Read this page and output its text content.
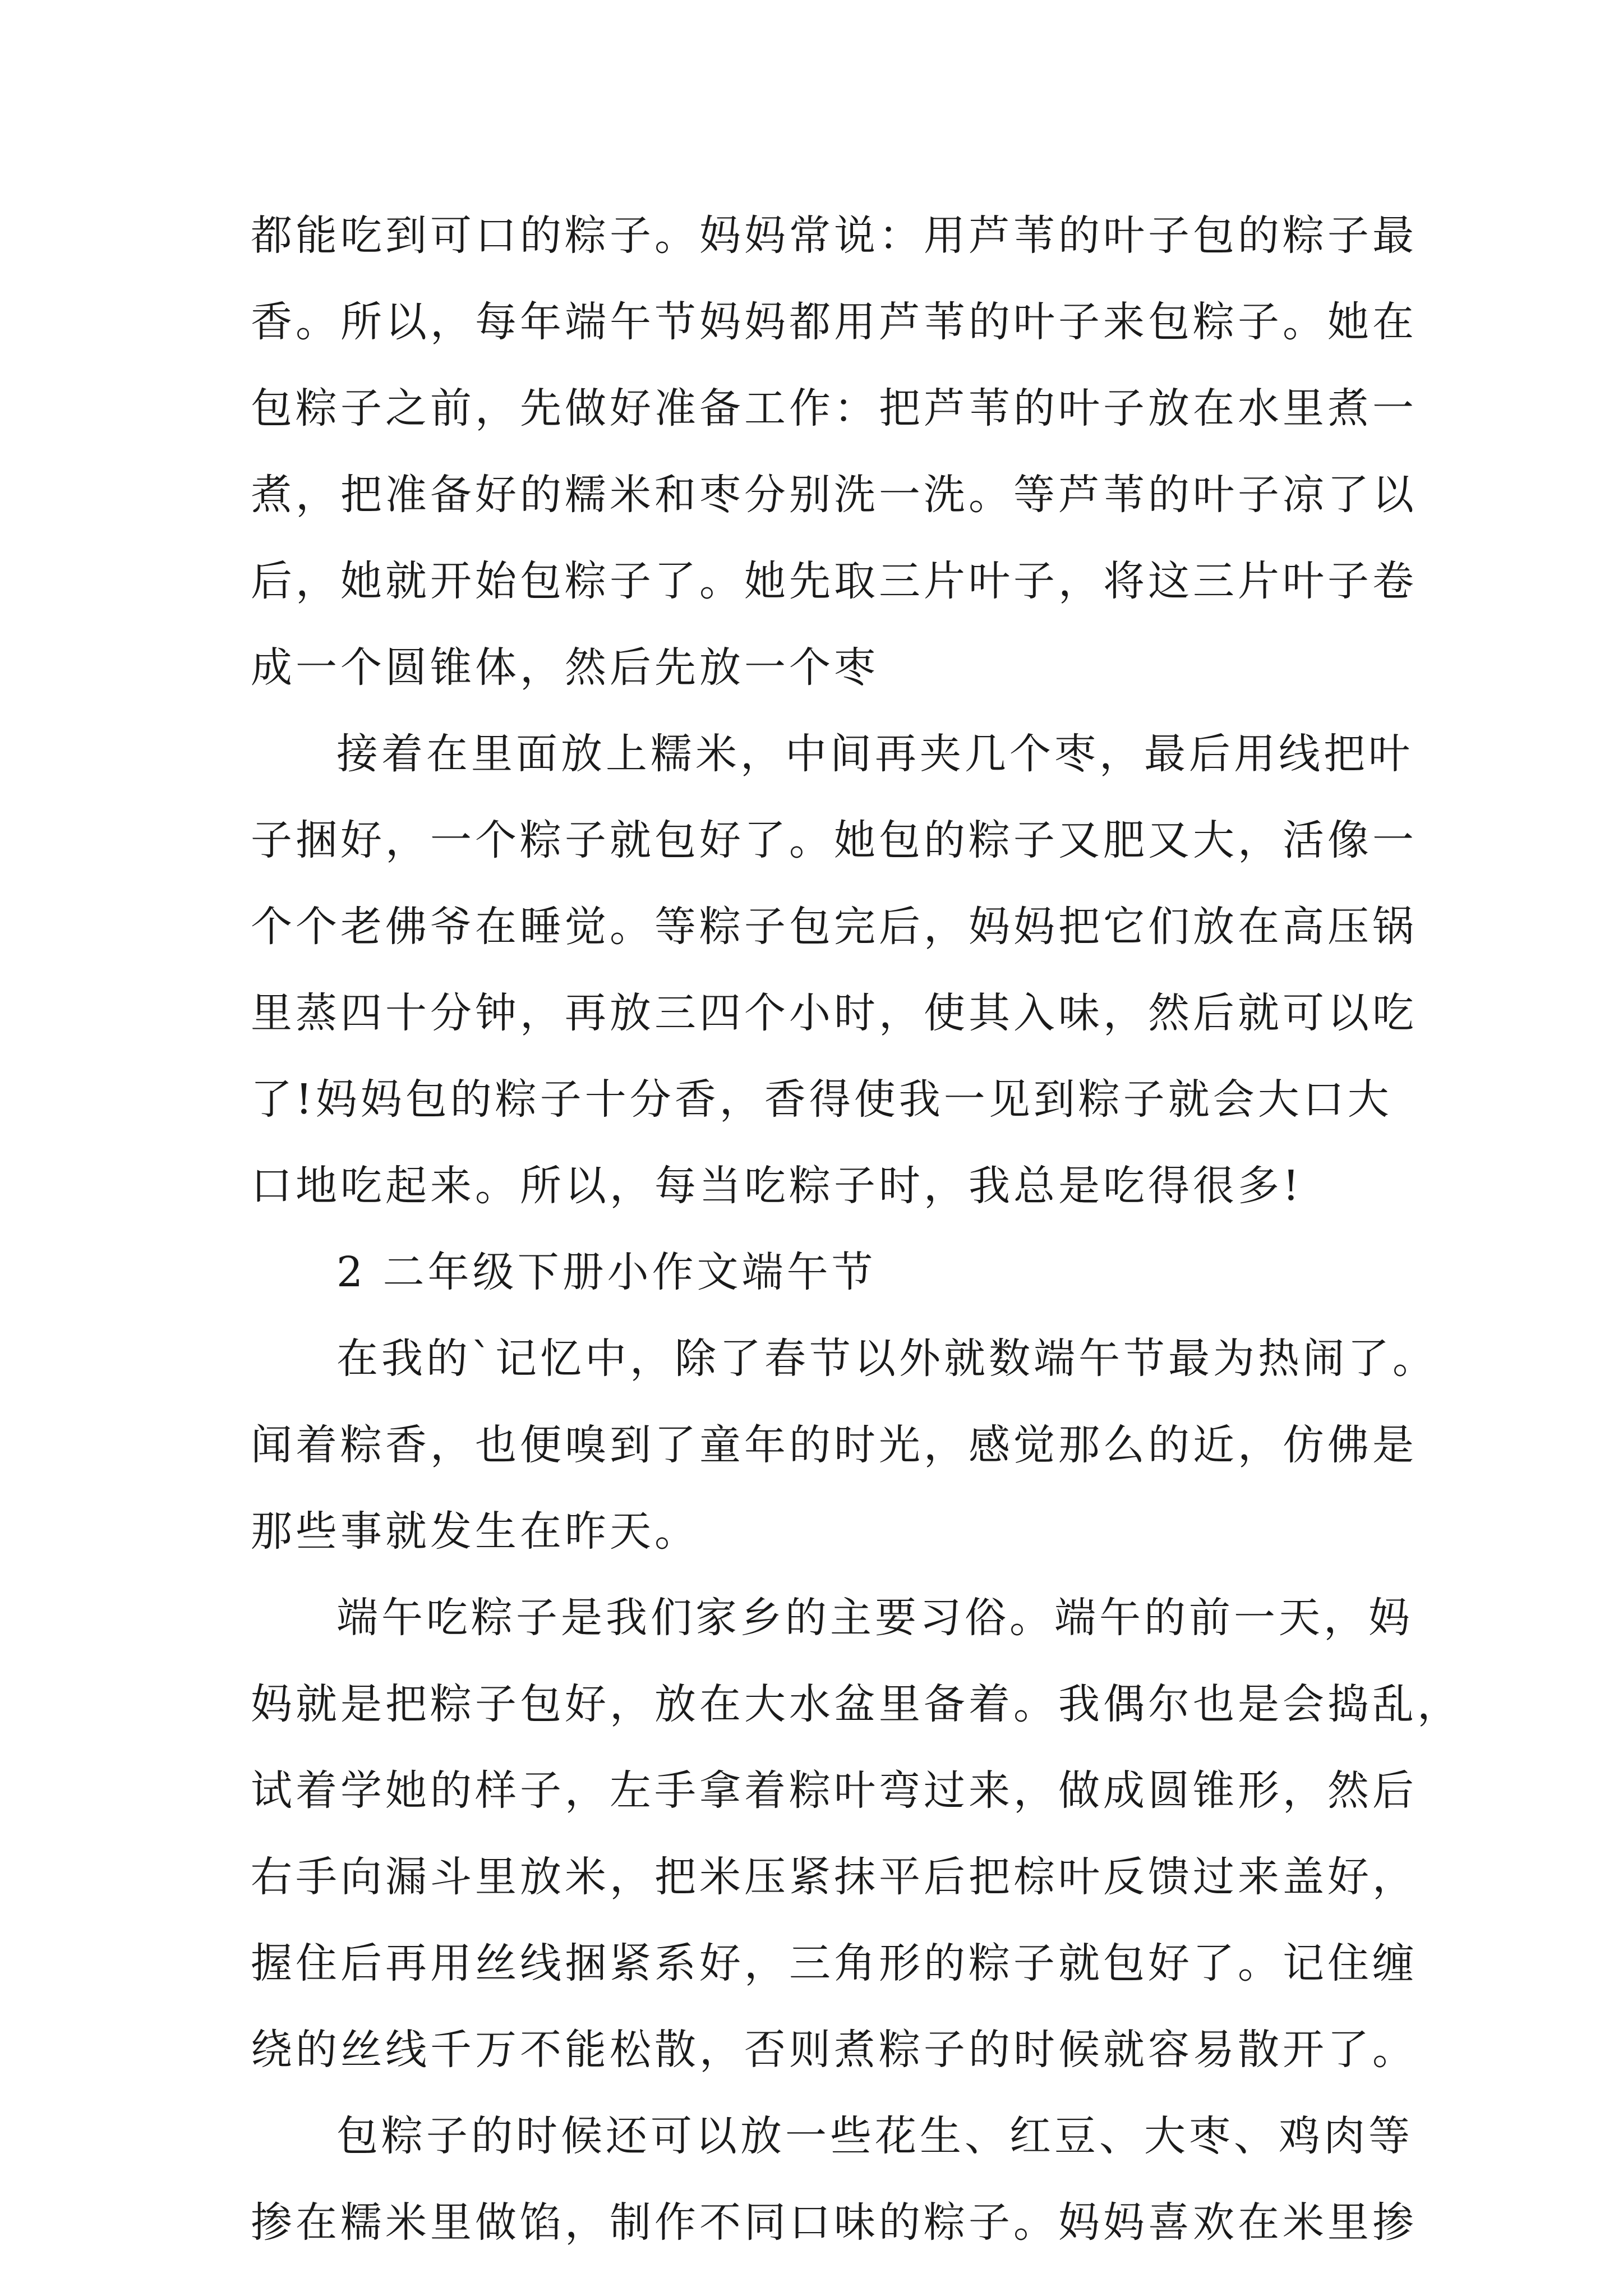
都能吃到可口的粽子。妈妈常说：用芦苇的叶子包的粽子最
香。所以，每年端午节妈妈都用芦苇的叶子来包粽子。她在
包粽子之前，先做好准备工作：把芦苇的叶子放在水里煮一
煮，把准备好的糯米和枣分别洗一洗。等芦苇的叶子凉了以
后，她就开始包粽子了。她先取三片叶子，将这三片叶子卷
成一个圆锥体，然后先放一个枣
接着在里面放上糯米，中间再夹几个枣，最后用线把叶
子捆好，一个粽子就包好了。她包的粽子又肥又大，活像一
个个老佛爷在睡觉。等粽子包完后，妈妈把它们放在高压锅
里蒸四十分钟，再放三四个小时，使其入味，然后就可以吃
了!妈妈包的粽子十分香，香得使我一见到粽子就会大口大
口地吃起来。所以，每当吃粽子时，我总是吃得很多!
2 二年级下册小作文端午节
在我的`记忆中，除了春节以外就数端午节最为热闹了。
闻着粽香，也便嗅到了童年的时光，感觉那么的近，仿佛是
那些事就发生在昨天。
端午吃粽子是我们家乡的主要习俗。端午的前一天，妈
妈就是把粽子包好，放在大水盆里备着。我偶尔也是会捣乱，
试着学她的样子，左手拿着粽叶弯过来，做成圆锥形，然后
右手向漏斗里放米，把米压紧抹平后把棕叶反馈过来盖好，
握住后再用丝线捆紧系好，三角形的粽子就包好了。记住缠
绕的丝线千万不能松散，否则煮粽子的时候就容易散开了。
包粽子的时候还可以放一些花生、红豆、大枣、鸡肉等
掺在糯米里做馅，制作不同口味的粽子。妈妈喜欢在米里掺
